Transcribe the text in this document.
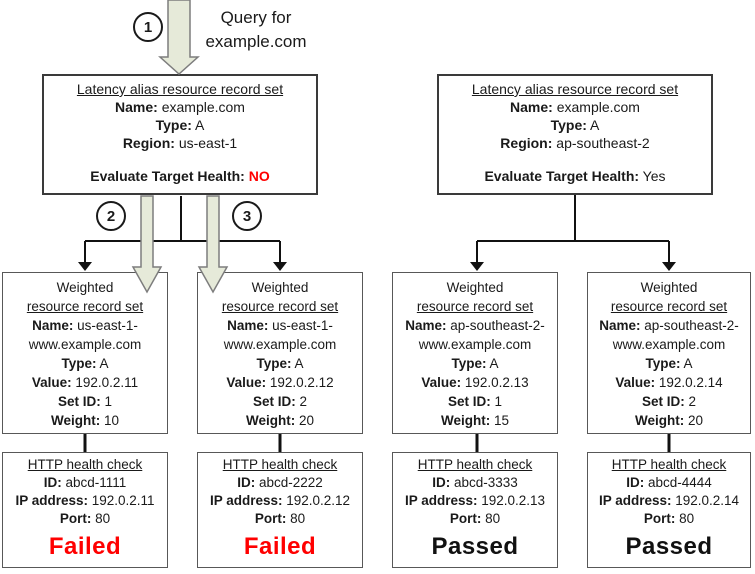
1	Query for
example.com
2	3
Latency alias resource record set
Name: example.com
Type: A
Region: us-east-1
Evaluate Target Health: NO
Latency alias resource record set
Name: example.com
Type: A
Region: ap-southeast-2
Evaluate Target Health: Yes
Weighted
resource record set
Name: us-east-1-
www.example.com
Type: A
Value: 192.0.2.11
Set ID: 1
Weight: 10
Weighted
resource record set
Name: us-east-1-
www.example.com
Type: A
Value: 192.0.2.12
Set ID: 2
Weight: 20
Weighted
resource record set
Name: ap-southeast-2-
www.example.com
Type: A
Value: 192.0.2.13
Set ID: 1
Weight: 15
Weighted
resource record set
Name: ap-southeast-2-
www.example.com
Type: A
Value: 192.0.2.14
Set ID: 2
Weight: 20
HTTP health check
ID: abcd-1111
IP address: 192.0.2.11
Port: 80
Failed
HTTP health check
ID: abcd-2222
IP address: 192.0.2.12
Port: 80
Failed
HTTP health check
ID: abcd-3333
IP address: 192.0.2.13
Port: 80
Passed
HTTP health check
ID: abcd-4444
IP address: 192.0.2.14
Port: 80
Passed
